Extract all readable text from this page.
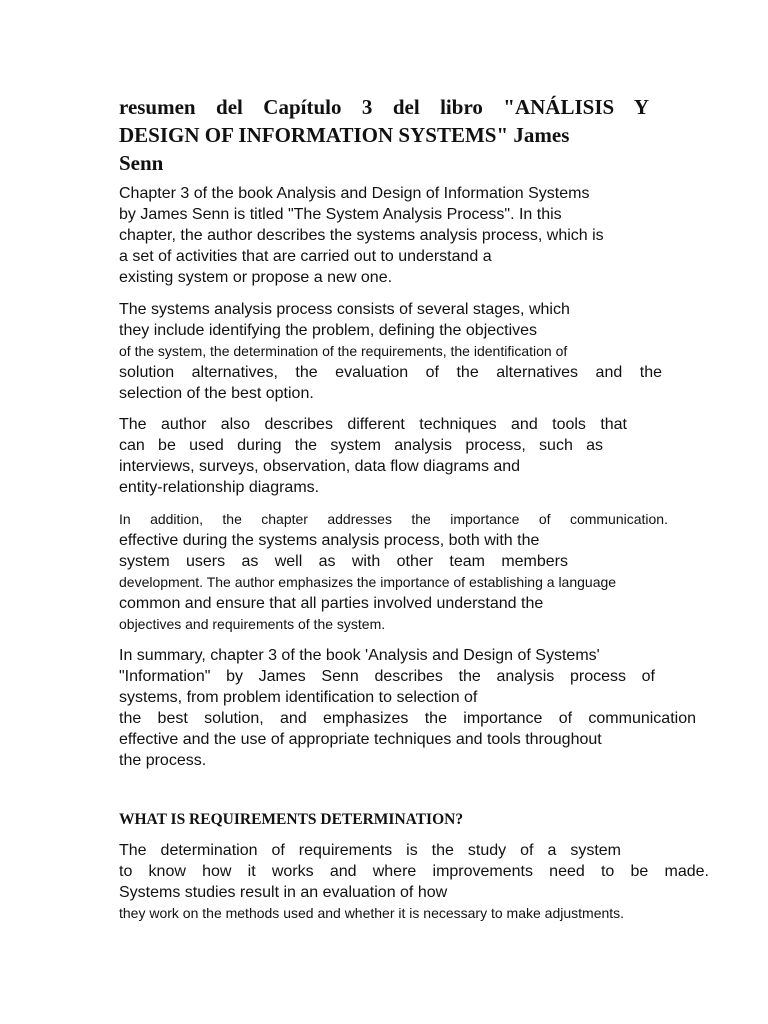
resumen del Capítulo 3 del libro "ANÁLISIS Y
DESIGN OF INFORMATION SYSTEMS" James
Senn

Chapter 3 of the book Analysis and Design of Information Systems
by James Senn is titled "The System Analysis Process". In this
chapter, the author describes the systems analysis process, which is
a set of activities that are carried out to understand a
existing system or propose a new one.

The systems analysis process consists of several stages, which
they include identifying the problem, defining the objectives
of the system, the determination of the requirements, the identification of
solution alternatives, the evaluation of the alternatives and the
selection of the best option.

The author also describes different techniques and tools that
can be used during the system analysis process, such as
interviews, surveys, observation, data flow diagrams and
entity-relationship diagrams.

In addition, the chapter addresses the importance of communication.
effective during the systems analysis process, both with the
system users as well as with other team members
development. The author emphasizes the importance of establishing a language
common and ensure that all parties involved understand the
objectives and requirements of the system.

In summary, chapter 3 of the book 'Analysis and Design of Systems'
"Information" by James Senn describes the analysis process of
systems, from problem identification to selection of
the best solution, and emphasizes the importance of communication
effective and the use of appropriate techniques and tools throughout
the process.

WHAT IS REQUIREMENTS DETERMINATION?

The determination of requirements is the study of a system
to know how it works and where improvements need to be made.
Systems studies result in an evaluation of how
they work on the methods used and whether it is necessary to make adjustments.
